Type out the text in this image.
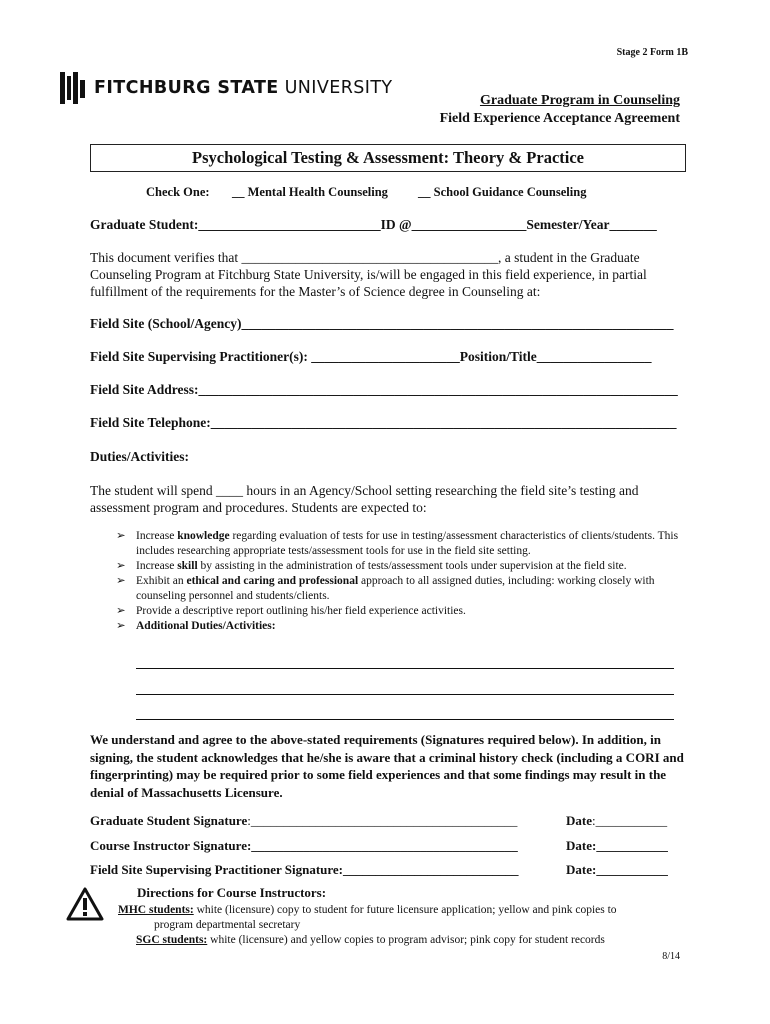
Stage 2 Form 1B
FITCHBURG STATE UNIVERSITY
Graduate Program in Counseling
Field Experience Acceptance Agreement
Psychological Testing & Assessment: Theory & Practice
Check One: __ Mental Health Counseling __ School Guidance Counseling
Graduate Student:___________________________ID @_________________Semester/Year_______
This document verifies that ______________________________________, a student in the Graduate Counseling Program at Fitchburg State University, is/will be engaged in this field experience, in partial fulfillment of the requirements for the Master’s of Science degree in Counseling at:
Field Site (School/Agency)________________________________________________________________
Field Site Supervising Practitioner(s): ______________________Position/Title_________________
Field Site Address:_______________________________________________________________________
Field Site Telephone:_____________________________________________________________________
Duties/Activities:
The student will spend ____ hours in an Agency/School setting researching the field site’s testing and assessment program and procedures. Students are expected to:
➢ Increase knowledge regarding evaluation of tests for use in testing/assessment characteristics of clients/students. This includes researching appropriate tests/assessment tools for use in the field site setting.
➢ Increase skill by assisting in the administration of tests/assessment tools under supervision at the field site.
➢ Exhibit an ethical and caring and professional approach to all assigned duties, including: working closely with counseling personnel and students/clients.
➢ Provide a descriptive report outlining his/her field experience activities.
➢ Additional Duties/Activities:
We understand and agree to the above-stated requirements (Signatures required below). In addition, in signing, the student acknowledges that he/she is aware that a criminal history check (including a CORI and fingerprinting) may be required prior to some field experiences and that some findings may result in the denial of Massachusetts Licensure.
Graduate Student Signature:_________________________________________	Date:___________
Course Instructor Signature:_________________________________________	Date:___________
Field Site Supervising Practitioner Signature:___________________________	Date:___________
Directions for Course Instructors:
MHC students: white (licensure) copy to student for future licensure application; yellow and pink copies to
program departmental secretary
SGC students: white (licensure) and yellow copies to program advisor; pink copy for student records
8/14
